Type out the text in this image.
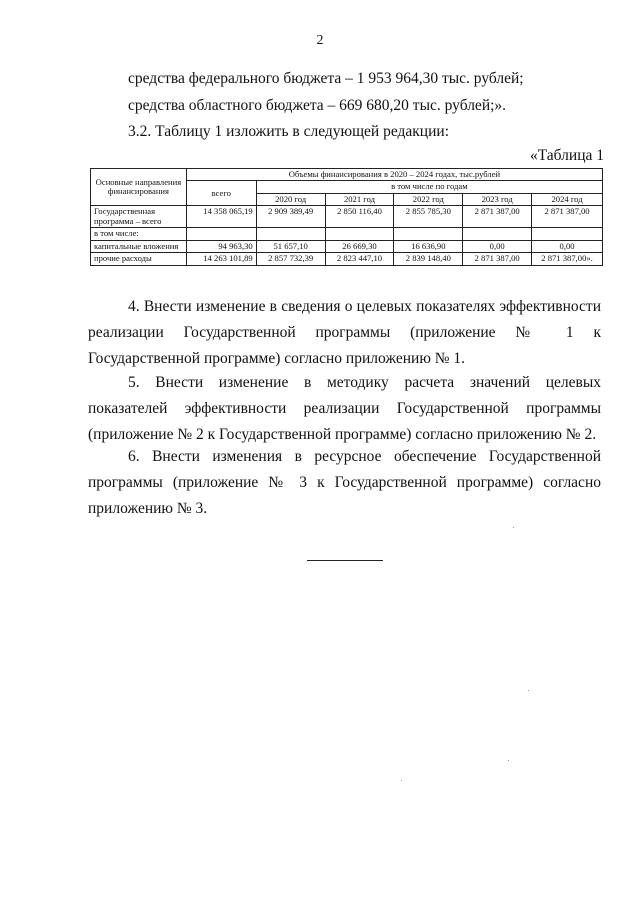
2
средства федерального бюджета – 1 953 964,30 тыс. рублей;
средства областного бюджета – 669 680,20 тыс. рублей;».
3.2. Таблицу 1 изложить в следующей редакции:
«Таблица 1
Основные направления финансирования	Объемы финансирования в 2020 – 2024 годах, тыс.рублей					
	всего	в том числе по годам				
		2020 год	2021 год	2022 год	2023 год	2024 год
Государственная программа – всего	14 358 065,19	2 909 389,49	2 850 116,40	2 855 785,30	2 871 387,00	2 871 387,00
в том числе:						
капитальные вложения	94 963,30	51 657,10	26 669,30	16 636,90	0,00	0,00
прочие расходы	14 263 101,89	2 857 732,39	2 823 447,10	2 839 148,40	2 871 387,00	2 871 387,00».
4. Внести изменение в сведения о целевых показателях эффективности реализации Государственной программы (приложение № 1 к Государственной программе) согласно приложению № 1.
5. Внести изменение в методику расчета значений целевых показателей эффективности реализации Государственной программы (приложение № 2 к Государственной программе) согласно приложению № 2.
6. Внести изменения в ресурсное обеспечение Государственной программы (приложение № 3 к Государственной программе) согласно приложению № 3.
